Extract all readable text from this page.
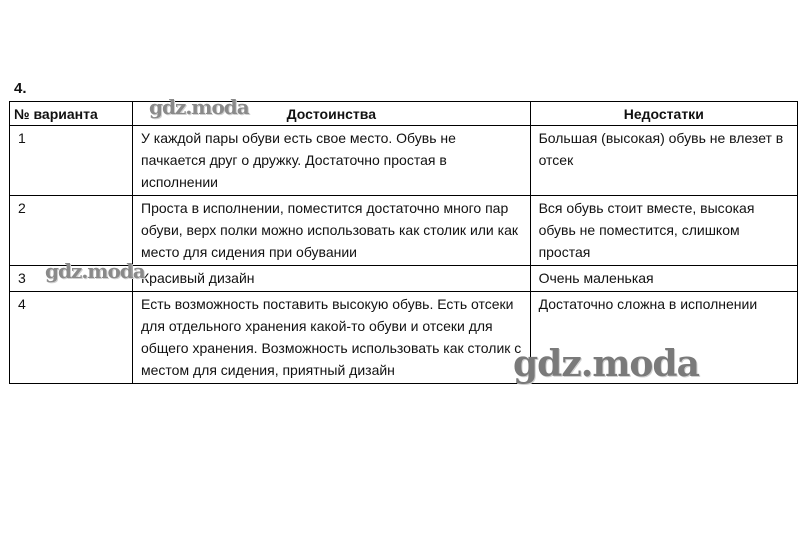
4.
№ варианта	Достоинства	Недостатки
1	У каждой пары обуви есть свое место. Обувь не пачкается друг о дружку. Достаточно простая в исполнении	Большая (высокая) обувь не влезет в отсек
2	Проста в исполнении, поместится достаточно много пар обуви, верх полки можно использовать как столик или как место для сидения при обувании	Вся обувь стоит вместе, высокая обувь не поместится, слишком простая
3	Красивый дизайн	Очень маленькая
4	Есть возможность поставить высокую обувь. Есть отсеки для отдельного хранения какой-то обуви и отсеки для общего хранения. Возможность использовать как столик с местом для сидения, приятный дизайн	Достаточно сложна в исполнении
gdz.moda
gdz.moda
gdz.moda
